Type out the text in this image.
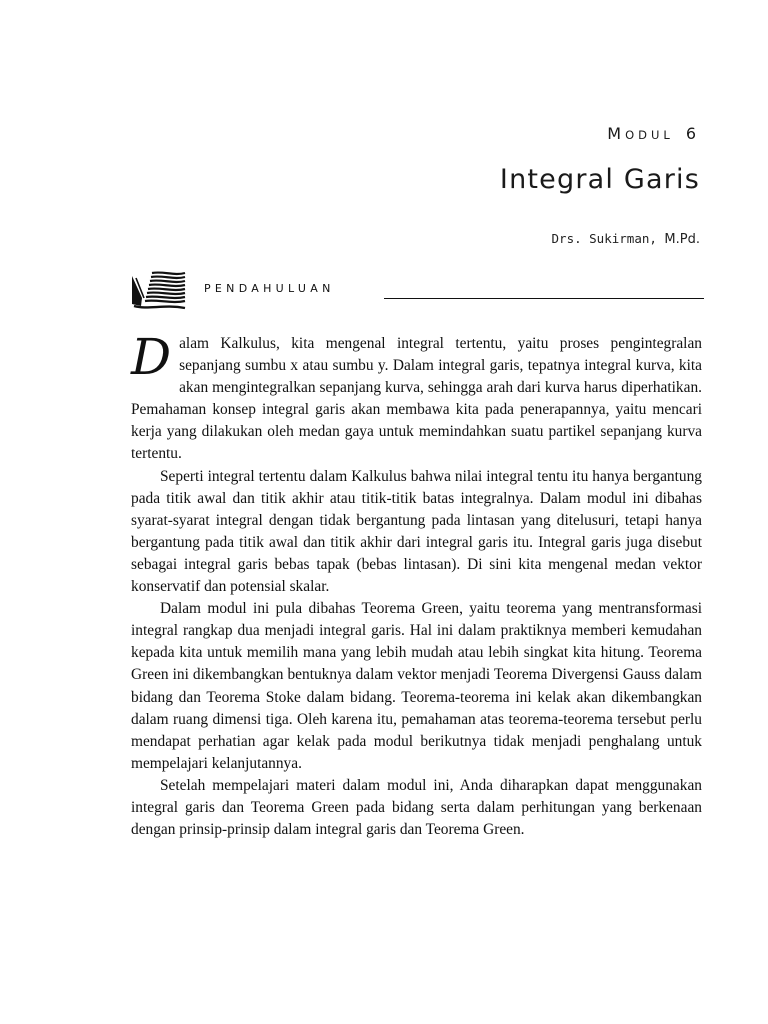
MODUL 6
Integral Garis
Drs. Sukirman, M.Pd.
PENDAHULUAN

Dalam Kalkulus, kita mengenal integral tertentu, yaitu proses pengintegralan sepanjang sumbu x atau sumbu y. Dalam integral garis, tepatnya integral kurva, kita akan mengintegralkan sepanjang kurva, sehingga arah dari kurva harus diperhatikan. Pemahaman konsep integral garis akan membawa kita pada penerapannya, yaitu mencari kerja yang dilakukan oleh medan gaya untuk memindahkan suatu partikel sepanjang kurva tertentu.

Seperti integral tertentu dalam Kalkulus bahwa nilai integral tentu itu hanya bergantung pada titik awal dan titik akhir atau titik-titik batas integralnya. Dalam modul ini dibahas syarat-syarat integral dengan tidak bergantung pada lintasan yang ditelusuri, tetapi hanya bergantung pada titik awal dan titik akhir dari integral garis itu. Integral garis juga disebut sebagai integral garis bebas tapak (bebas lintasan). Di sini kita mengenal medan vektor konservatif dan potensial skalar.

Dalam modul ini pula dibahas Teorema Green, yaitu teorema yang mentransformasi integral rangkap dua menjadi integral garis. Hal ini dalam praktiknya memberi kemudahan kepada kita untuk memilih mana yang lebih mudah atau lebih singkat kita hitung. Teorema Green ini dikembangkan bentuknya dalam vektor menjadi Teorema Divergensi Gauss dalam bidang dan Teorema Stoke dalam bidang. Teorema-teorema ini kelak akan dikembangkan dalam ruang dimensi tiga. Oleh karena itu, pemahaman atas teorema-teorema tersebut perlu mendapat perhatian agar kelak pada modul berikutnya tidak menjadi penghalang untuk mempelajari kelanjutannya.

Setelah mempelajari materi dalam modul ini, Anda diharapkan dapat menggunakan integral garis dan Teorema Green pada bidang serta dalam perhitungan yang berkenaan dengan prinsip-prinsip dalam integral garis dan Teorema Green.
